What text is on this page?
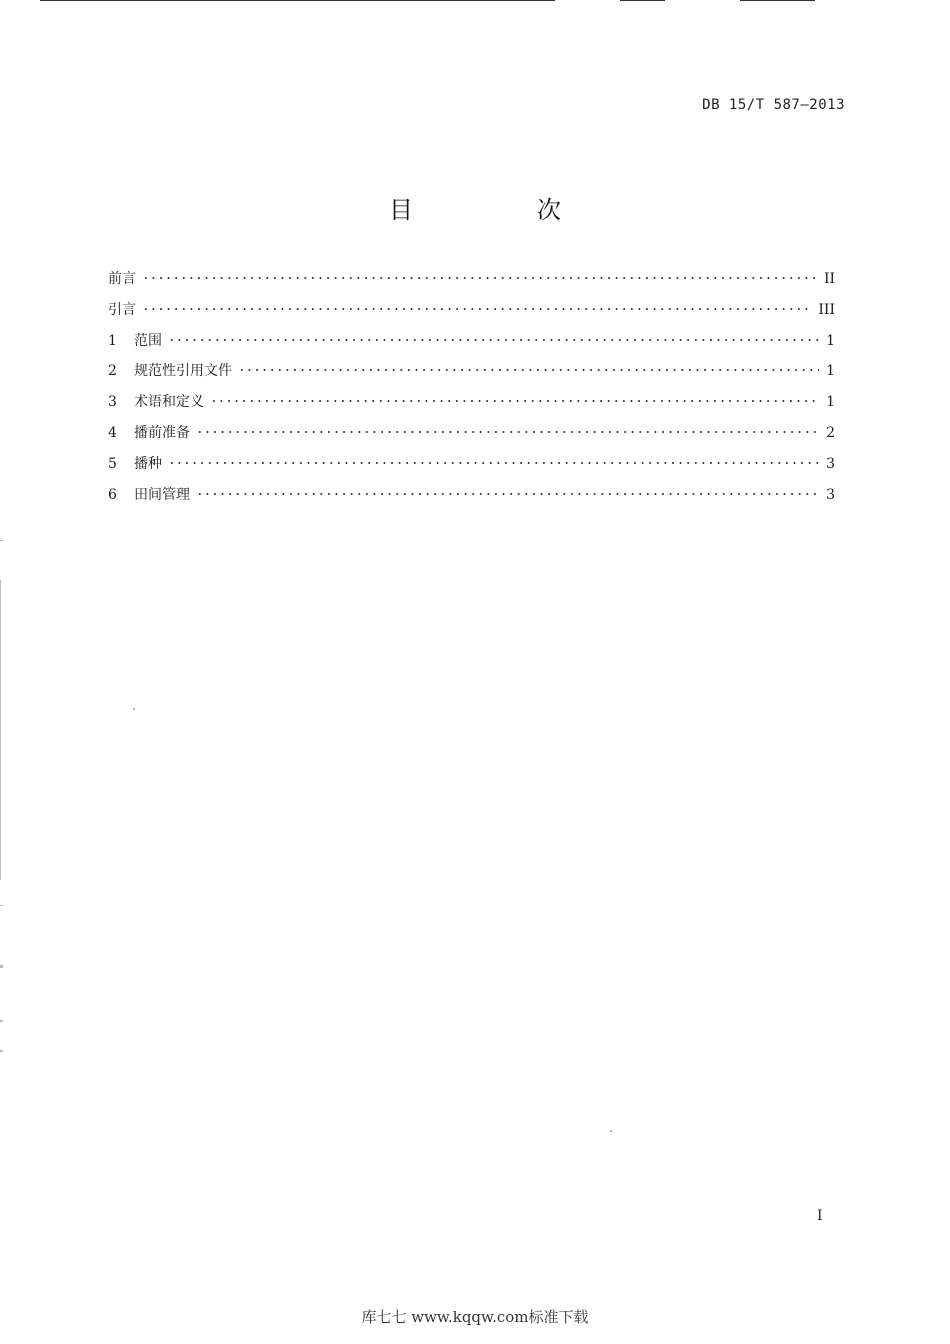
DB 15/T 587—2013
目　次
前言	II
引言	III
1	范围	1
2	规范性引用文件	1
3	术语和定义	1
4	播前准备	2
5	播种	3
6	田间管理	3
I
库七七 www.kqqw.com标准下载
